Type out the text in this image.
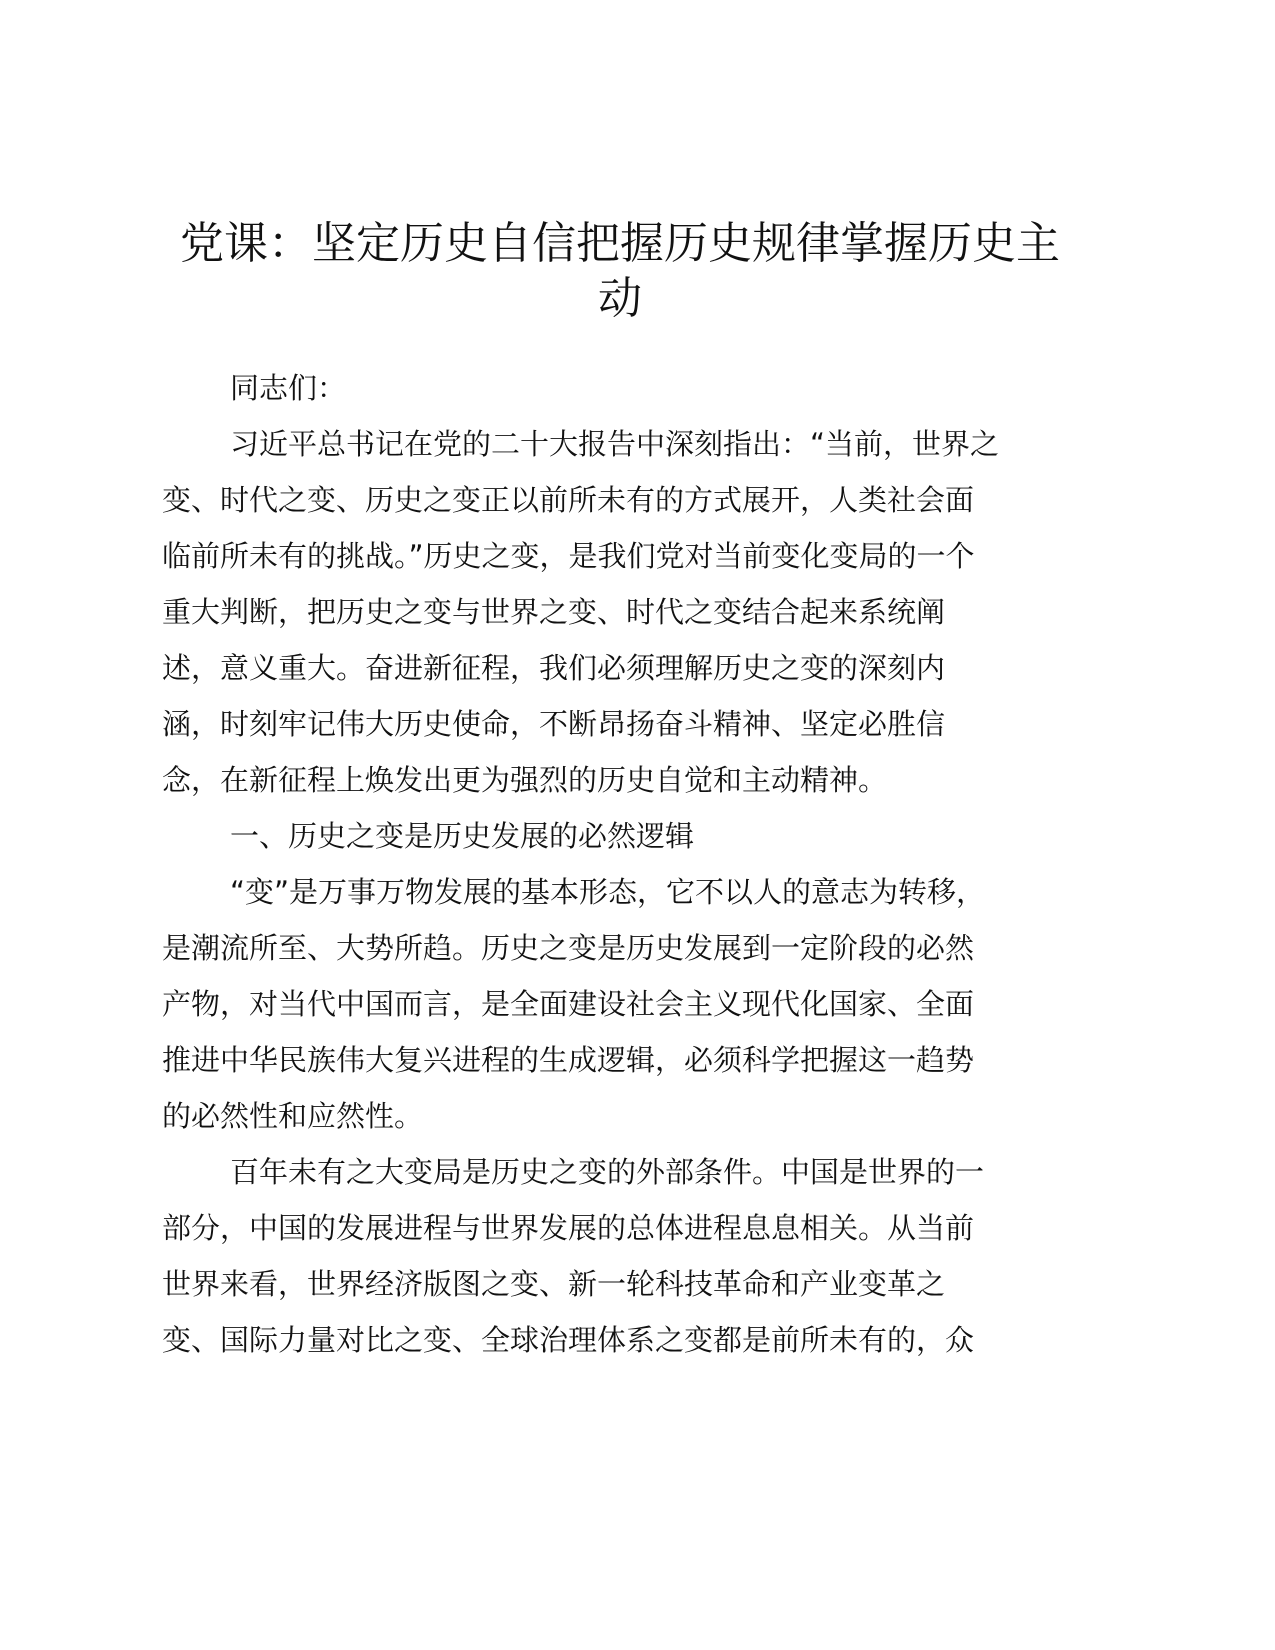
党课：坚定历史自信把握历史规律掌握历史主
动
同志们：
习近平总书记在党的二十大报告中深刻指出：“当前，世界之
变、时代之变、历史之变正以前所未有的方式展开，人类社会面
临前所未有的挑战。”历史之变，是我们党对当前变化变局的一个
重大判断，把历史之变与世界之变、时代之变结合起来系统阐
述，意义重大。奋进新征程，我们必须理解历史之变的深刻内
涵，时刻牢记伟大历史使命，不断昂扬奋斗精神、坚定必胜信
念，在新征程上焕发出更为强烈的历史自觉和主动精神。
一、历史之变是历史发展的必然逻辑
“变”是万事万物发展的基本形态，它不以人的意志为转移，
是潮流所至、大势所趋。历史之变是历史发展到一定阶段的必然
产物，对当代中国而言，是全面建设社会主义现代化国家、全面
推进中华民族伟大复兴进程的生成逻辑，必须科学把握这一趋势
的必然性和应然性。
百年未有之大变局是历史之变的外部条件。中国是世界的一
部分，中国的发展进程与世界发展的总体进程息息相关。从当前
世界来看，世界经济版图之变、新一轮科技革命和产业变革之
变、国际力量对比之变、全球治理体系之变都是前所未有的，众
